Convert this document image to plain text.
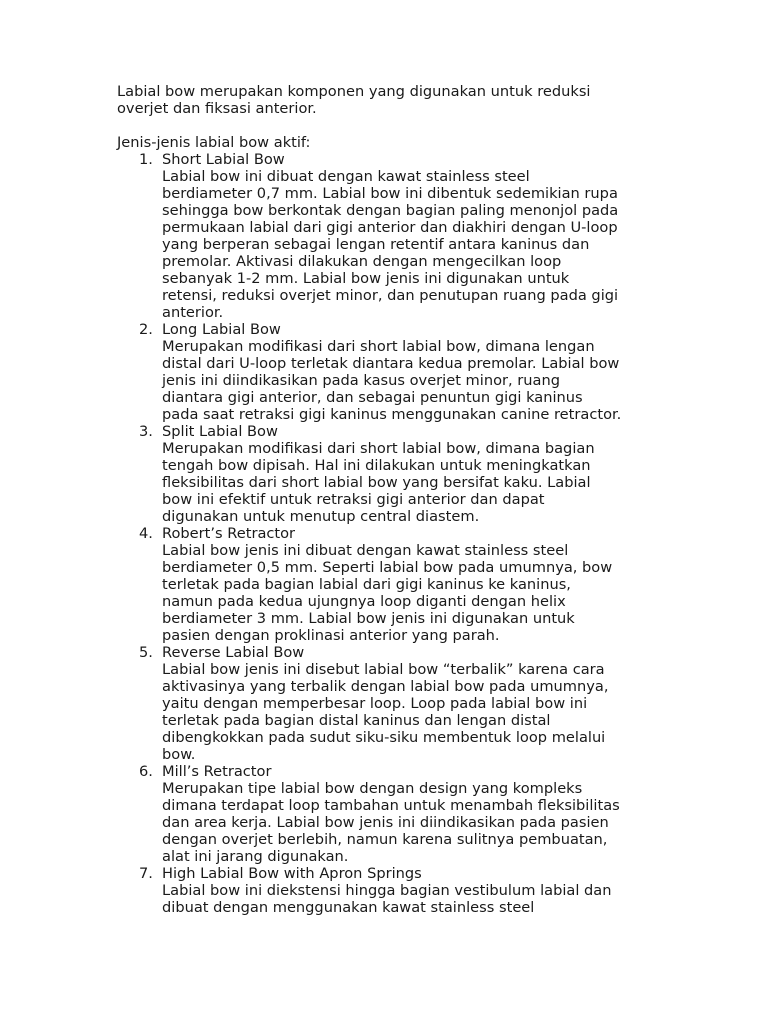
Labial bow merupakan komponen yang digunakan untuk reduksi
overjet dan fiksasi anterior.

Jenis-jenis labial bow aktif:

1. Short Labial Bow
Labial bow ini dibuat dengan kawat stainless steel
berdiameter 0,7 mm. Labial bow ini dibentuk sedemikian rupa
sehingga bow berkontak dengan bagian paling menonjol pada
permukaan labial dari gigi anterior dan diakhiri dengan U-loop
yang berperan sebagai lengan retentif antara kaninus dan
premolar. Aktivasi dilakukan dengan mengecilkan loop
sebanyak 1-2 mm. Labial bow jenis ini digunakan untuk
retensi, reduksi overjet minor, dan penutupan ruang pada gigi
anterior.
2. Long Labial Bow
Merupakan modifikasi dari short labial bow, dimana lengan
distal dari U-loop terletak diantara kedua premolar. Labial bow
jenis ini diindikasikan pada kasus overjet minor, ruang
diantara gigi anterior, dan sebagai penuntun gigi kaninus
pada saat retraksi gigi kaninus menggunakan canine retractor.
3. Split Labial Bow
Merupakan modifikasi dari short labial bow, dimana bagian
tengah bow dipisah. Hal ini dilakukan untuk meningkatkan
fleksibilitas dari short labial bow yang bersifat kaku. Labial
bow ini efektif untuk retraksi gigi anterior dan dapat
digunakan untuk menutup central diastem.
4. Robert’s Retractor
Labial bow jenis ini dibuat dengan kawat stainless steel
berdiameter 0,5 mm. Seperti labial bow pada umumnya, bow
terletak pada bagian labial dari gigi kaninus ke kaninus,
namun pada kedua ujungnya loop diganti dengan helix
berdiameter 3 mm. Labial bow jenis ini digunakan untuk
pasien dengan proklinasi anterior yang parah.
5. Reverse Labial Bow
Labial bow jenis ini disebut labial bow “terbalik” karena cara
aktivasinya yang terbalik dengan labial bow pada umumnya,
yaitu dengan memperbesar loop. Loop pada labial bow ini
terletak pada bagian distal kaninus dan lengan distal
dibengkokkan pada sudut siku-siku membentuk loop melalui
bow.
6. Mill’s Retractor
Merupakan tipe labial bow dengan design yang kompleks
dimana terdapat loop tambahan untuk menambah fleksibilitas
dan area kerja. Labial bow jenis ini diindikasikan pada pasien
dengan overjet berlebih, namun karena sulitnya pembuatan,
alat ini jarang digunakan.
7. High Labial Bow with Apron Springs
Labial bow ini diekstensi hingga bagian vestibulum labial dan
dibuat dengan menggunakan kawat stainless steel
